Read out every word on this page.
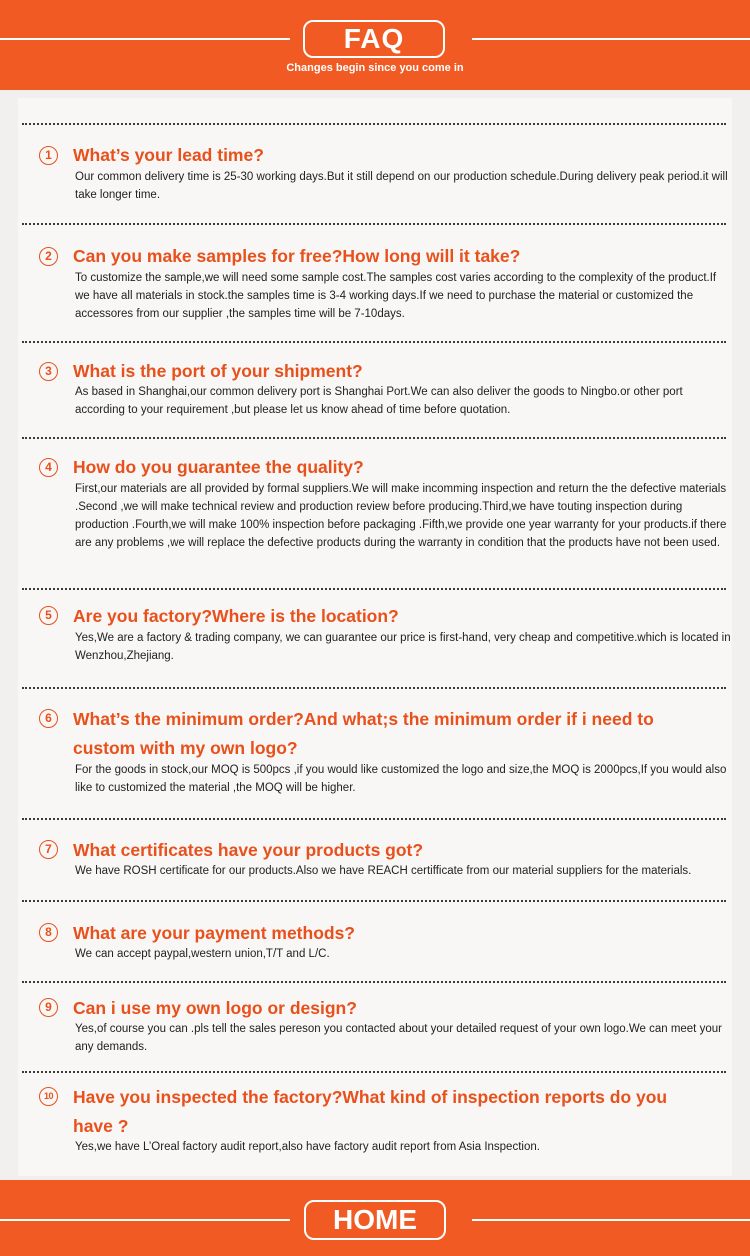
FAQ
Changes begin since you come in
1	What’s your lead time?
Our common delivery time is 25-30 working days.But it still depend on our production schedule.During delivery peak period.it will take longer time.
2	Can you make samples for free?How long will it take?
To customize the sample,we will need some sample cost.The samples cost varies according to the complexity of the product.If we have all materials in stock.the samples time is 3-4 working days.If we need to purchase the material or customized the accessores from our supplier ,the samples time will be 7-10days.
3	What is the port of your shipment?
As based in Shanghai,our common delivery port is Shanghai Port.We can also deliver the goods to Ningbo.or other port according to your requirement ,but please let us know ahead of time before quotation.
4	How do you guarantee the quality?
First,our materials are all provided by formal suppliers.We will make incomming inspection and return the the defective materials .Second ,we will make technical review and production review before producing.Third,we have touting inspection during production .Fourth,we will make 100% inspection before packaging .Fifth,we provide one year warranty for your products.if there are any problems ,we will replace the defective products during the warranty in condition that the products have not been used.
5	Are you factory?Where is the location?
Yes,We are a factory & trading company, we can guarantee our price is first-hand, very cheap and competitive.which is located in Wenzhou,Zhejiang.
6	What’s the minimum order?And what;s the minimum order if i need to custom with my own logo?
For the goods in stock,our MOQ is 500pcs ,if you would like customized the logo and size,the MOQ is 2000pcs,If you would also like to customized the material ,the MOQ will be higher.
7	What certificates have your products got?
We have ROSH certificate for our products.Also we have REACH certifficate from our material suppliers for the materials.
8	What are your payment methods?
We can accept paypal,western union,T/T and L/C.
9	Can i use my own logo or design?
Yes,of course you can .pls tell the sales pereson you contacted about your detailed request of your own logo.We can meet your any demands.
10 Have you inspected the factory?What kind of inspection reports do you have ?
Yes,we have L’Oreal factory audit report,also have factory audit report from Asia Inspection.
HOME
